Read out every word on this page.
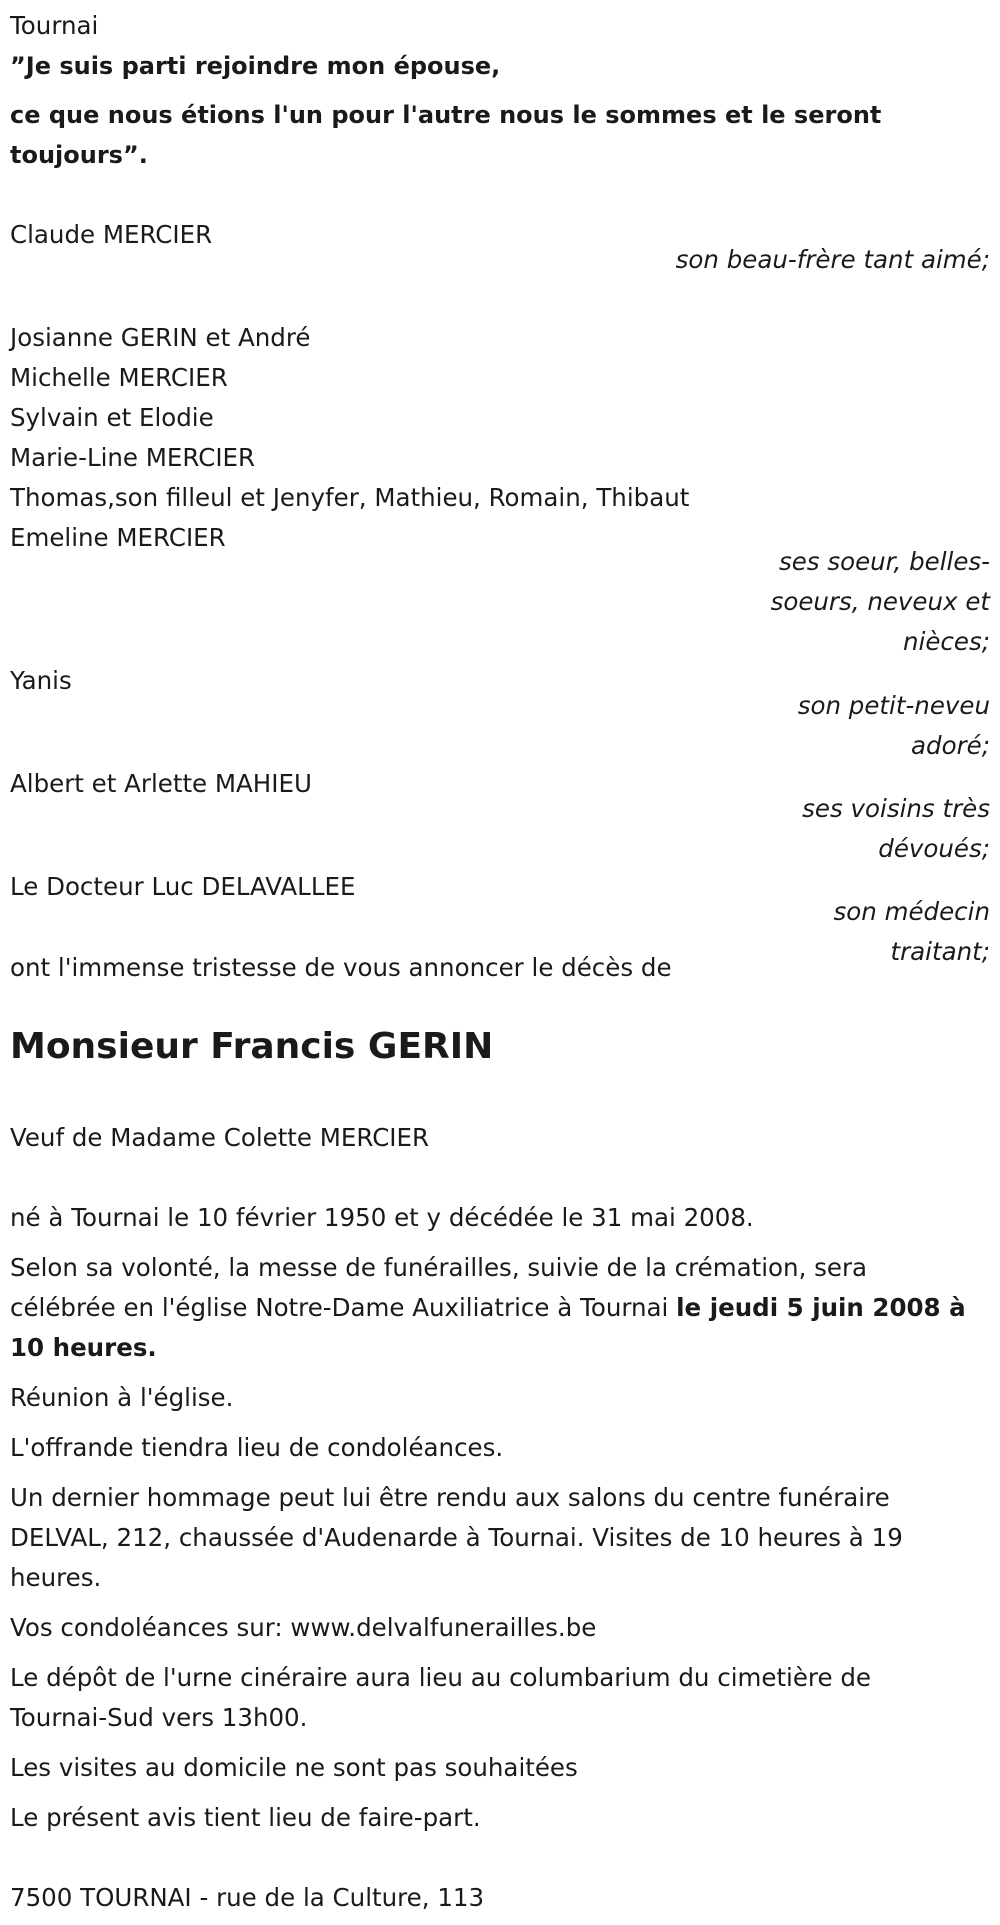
Tournai

”Je suis parti rejoindre mon épouse,

ce que nous étions l'un pour l'autre nous le sommes et le seront toujours”.

Claude MERCIER

son beau-frère tant aimé;

Josianne GERIN et André

Michelle MERCIER

Sylvain et Elodie

Marie-Line MERCIER

Thomas,son filleul et Jenyfer, Mathieu, Romain, Thibaut

Emeline MERCIER

ses soeur, belles-soeurs, neveux et nièces;

Yanis

son petit-neveu adoré;

Albert et Arlette MAHIEU

ses voisins très dévoués;

Le Docteur Luc DELAVALLEE

son médecin traitant;

ont l'immense tristesse de vous annoncer le décès de

Monsieur Francis GERIN

Veuf de Madame Colette MERCIER

né à Tournai le 10 février 1950 et y décédée le 31 mai 2008.

Selon sa volonté, la messe de funérailles, suivie de la crémation, sera célébrée en l'église Notre-Dame Auxiliatrice à Tournai le jeudi 5 juin 2008 à 10 heures.

Réunion à l'église.

L'offrande tiendra lieu de condoléances.

Un dernier hommage peut lui être rendu aux salons du centre funéraire DELVAL, 212, chaussée d'Audenarde à Tournai. Visites de 10 heures à 19 heures.

Vos condoléances sur: www.delvalfunerailles.be

Le dépôt de l'urne cinéraire aura lieu au columbarium du cimetière de Tournai-Sud vers 13h00.

Les visites au domicile ne sont pas souhaitées

Le présent avis tient lieu de faire-part.

7500 TOURNAI - rue de la Culture, 113
